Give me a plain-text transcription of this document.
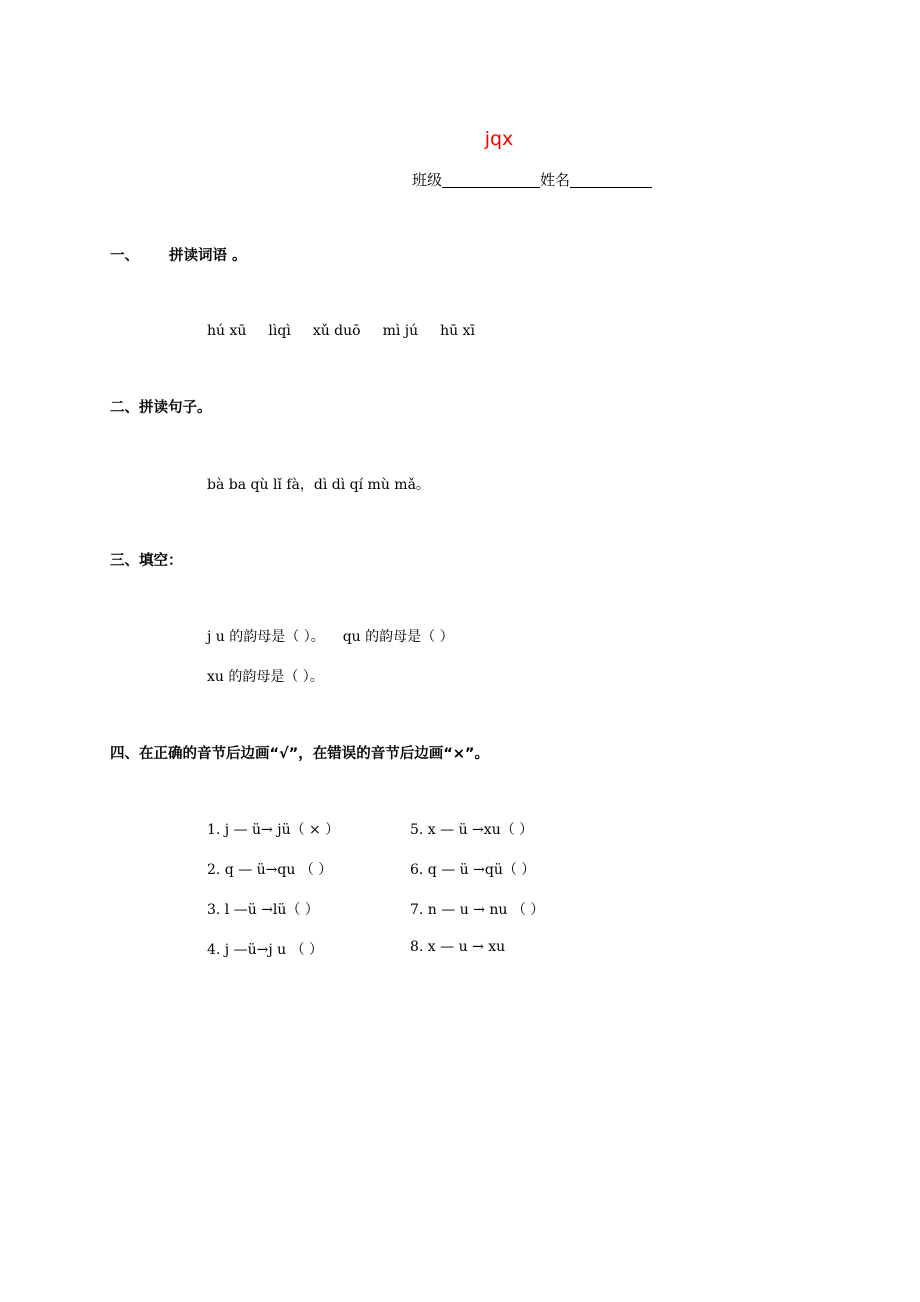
jqx
班级	姓名
一、 拼读词语 。
hú xū lìqì xǔ duō mì jú hū xī
二、拼读句子。
bà ba qù lǐ fà，dì dì qí mù mǎ。
三、填空：
j u 的韵母是（ ）。 qu 的韵母是（ ）
xu 的韵母是（ ）。
四、在正确的音节后边画“√”，在错误的音节后边画“×”。
1. j — ü→ jü（ × ）
2. q — ü→qu （ ）
3. l —ü →lü（ ）
4. j —ü→j u （ ）
5. x — ü →xu（ ）
6. q — ü →qü（ ）
7. n — u → nu （ ）
8. x — u → xu
